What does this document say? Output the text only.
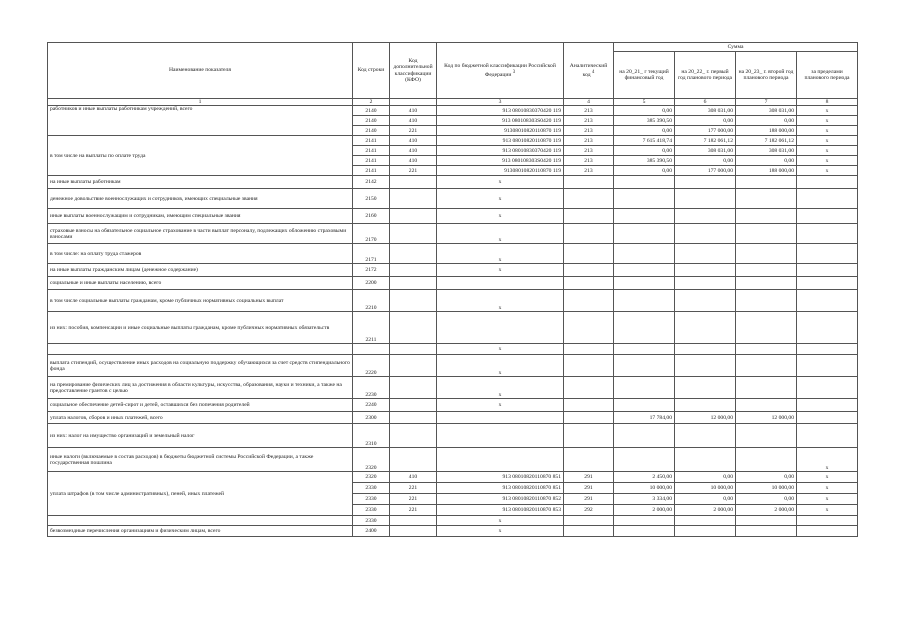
Наименование показателя	Код строки	Код дополнительной классификации (КФО)	Код по бюджетной классификации Российской Федерации $^3$	Аналитический код $^4$	Сумма			
					на 20_21_ г текущий финансовый год	на 20_22_ г. первый год планового периода	на 20_23_ г. второй год планового периода	за пределами планового периода
1	2		3	4	5	6	7	8
работников и иные выплаты работникам учреждений, всего	2140	410	913 08010830370420 119	213	0,00	308 031,00	308 031,00	x
	2140	410	913 080108303S0420 119	213	385 390,50	0,00	0,00	x
	2140	221	91308010820110870 119	213	0,00	177 000,00	188 000,00	x
в том числе на выплаты по оплате труда	2141	410	913 08010820110870 119	213	7 615 418,74	7 182 061,12	7 182 061,12	x
	2141	410	913 08010830370420 119	213	0,00	308 031,00	308 031,00	x
	2141	410	913 080108303S0420 119	213	385 390,50	0,00	0,00	x
	2141	221	91308010820110870 119	213	0,00	177 000,00	188 000,00	x
на иные выплаты работникам	2142		x					
денежное довольствие военнослужащих и сотрудников, имеющих специальные звания	2150		x					
иные выплаты военнослужащим и сотрудникам, имеющим специальные звания	2160		x					
страховые взносы на обязательное социальное страхование в части выплат персоналу, подлежащих обложению страховыми взносами	2170		x					
в том числе: на оплату труда стажеров	2171		x					
на иные выплаты гражданским лицам (денежное содержание)	2172		x					
социальные и иные выплаты населению, всего	2200							
в том числе социальные выплаты гражданам, кроме публичных нормативных социальных выплат	2210		x					
из них: пособия, компенсации и иные социальные выплаты гражданам, кроме публичных нормативных обязательств	2211							
			x					
выплата стипендий, осуществление иных расходов на социальную поддержку обучающихся за счет средств стипендиального фонда	2220		x					
на премирование физических лиц за достижения в области культуры, искусства, образования, науки и техники, а также на предоставление грантов с целью	2230		x					
социальное обеспечение детей-сирот и детей, оставшихся без попечения родителей	2240		x					
уплата налогов, сборов и иных платежей, всего	2300				17 784,00	12 000,00	12 000,00	
из них: налог на имущество организаций и земельный налог	2310							
иные налоги (включаемые в состав расходов) в бюджеты бюджетной системы Российской Федерации, а также государственная пошлина	2320							x
уплата штрафов (в том числе административных), пеней, иных платежей	2320	410	913 08010820110870 851	291	2 450,00	0,00	0,00	x
	2330	221	913 08010820110870 851	291	10 000,00	10 000,00	10 000,00	x
	2330	221	913 08010820110870 852	291	3 334,00	0,00	0,00	x
	2330	221	913 08010820110870 853	292	2 000,00	2 000,00	2 000,00	x
	2330		x					
безвозмездные перечисления организациям и физическим лицам, всего	2400		x					
